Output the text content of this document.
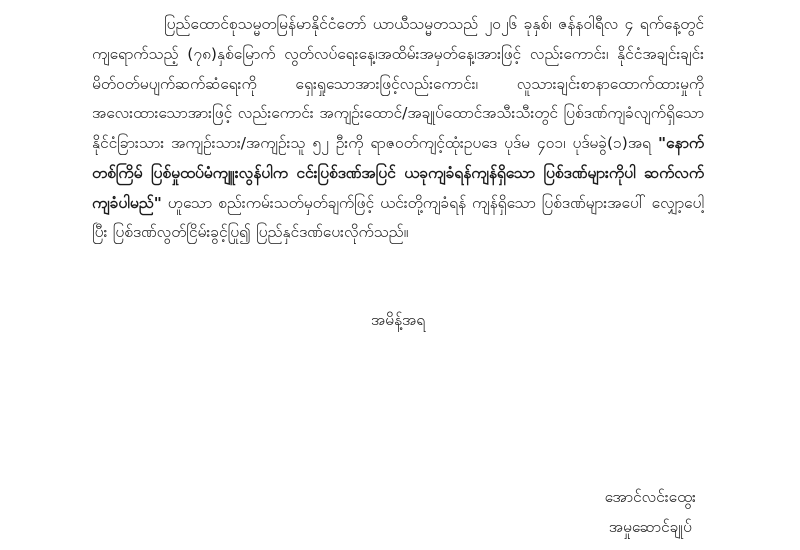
ပြည်ထောင်စုသမ္မတမြန်မာနိုင်ငံတော် ယာယီသမ္မတသည် ၂၀၂၆ ခုနှစ်၊ ဇန်နဝါရီလ ၄ ရက်နေ့တွင် ကျရောက်သည့် (၇၈)နှစ်မြောက် လွတ်လပ်ရေးနေ့၊အထိမ်းအမှတ်နေ့၊အားဖြင့် လည်းကောင်း၊ နိုင်ငံအချင်းချင်းမိတ်ဝတ်မပျက်ဆက်ဆံရေးကို ရှေးရှုသောအားဖြင့်လည်းကောင်း၊ လူသားချင်းစာနာထောက်ထားမှုကို အလေးထားသောအားဖြင့် လည်းကောင်း အကျဉ်းထောင်/အချုပ်ထောင်အသီးသီးတွင် ပြစ်ဒဏ်ကျခံလျက်ရှိသော နိုင်ငံခြားသား အကျဉ်းသား/အကျဉ်းသူ ၅၂ ဦးကို ရာဇဝတ်ကျင့်ထုံးဥပဒေ ပုဒ်မ ၄၀၁၊ ပုဒ်မခွဲ(၁)အရ "နောက်တစ်ကြိမ် ပြစ်မှုထပ်မံကျူးလွန်ပါက ငင်းပြစ်ဒဏ်အပြင် ယခုကျခံရန်ကျန်ရှိသော ပြစ်ဒဏ်များကိုပါ ဆက်လက်ကျခံပါမည်" ဟူသော စည်းကမ်းသတ်မှတ်ချက်ဖြင့် ယင်းတို့ကျခံရန် ကျန်ရှိသော ပြစ်ဒဏ်များအပေါ် လျှော့ပေါ့ပြီး ပြစ်ဒဏ်လွတ်ငြိမ်းခွင့်ပြု၍ ပြည်နှင်ဒဏ်ပေးလိုက်သည်။

အမိန့်အရ
အောင်လင်းထွေး
အမှုဆောင်ချုပ်
